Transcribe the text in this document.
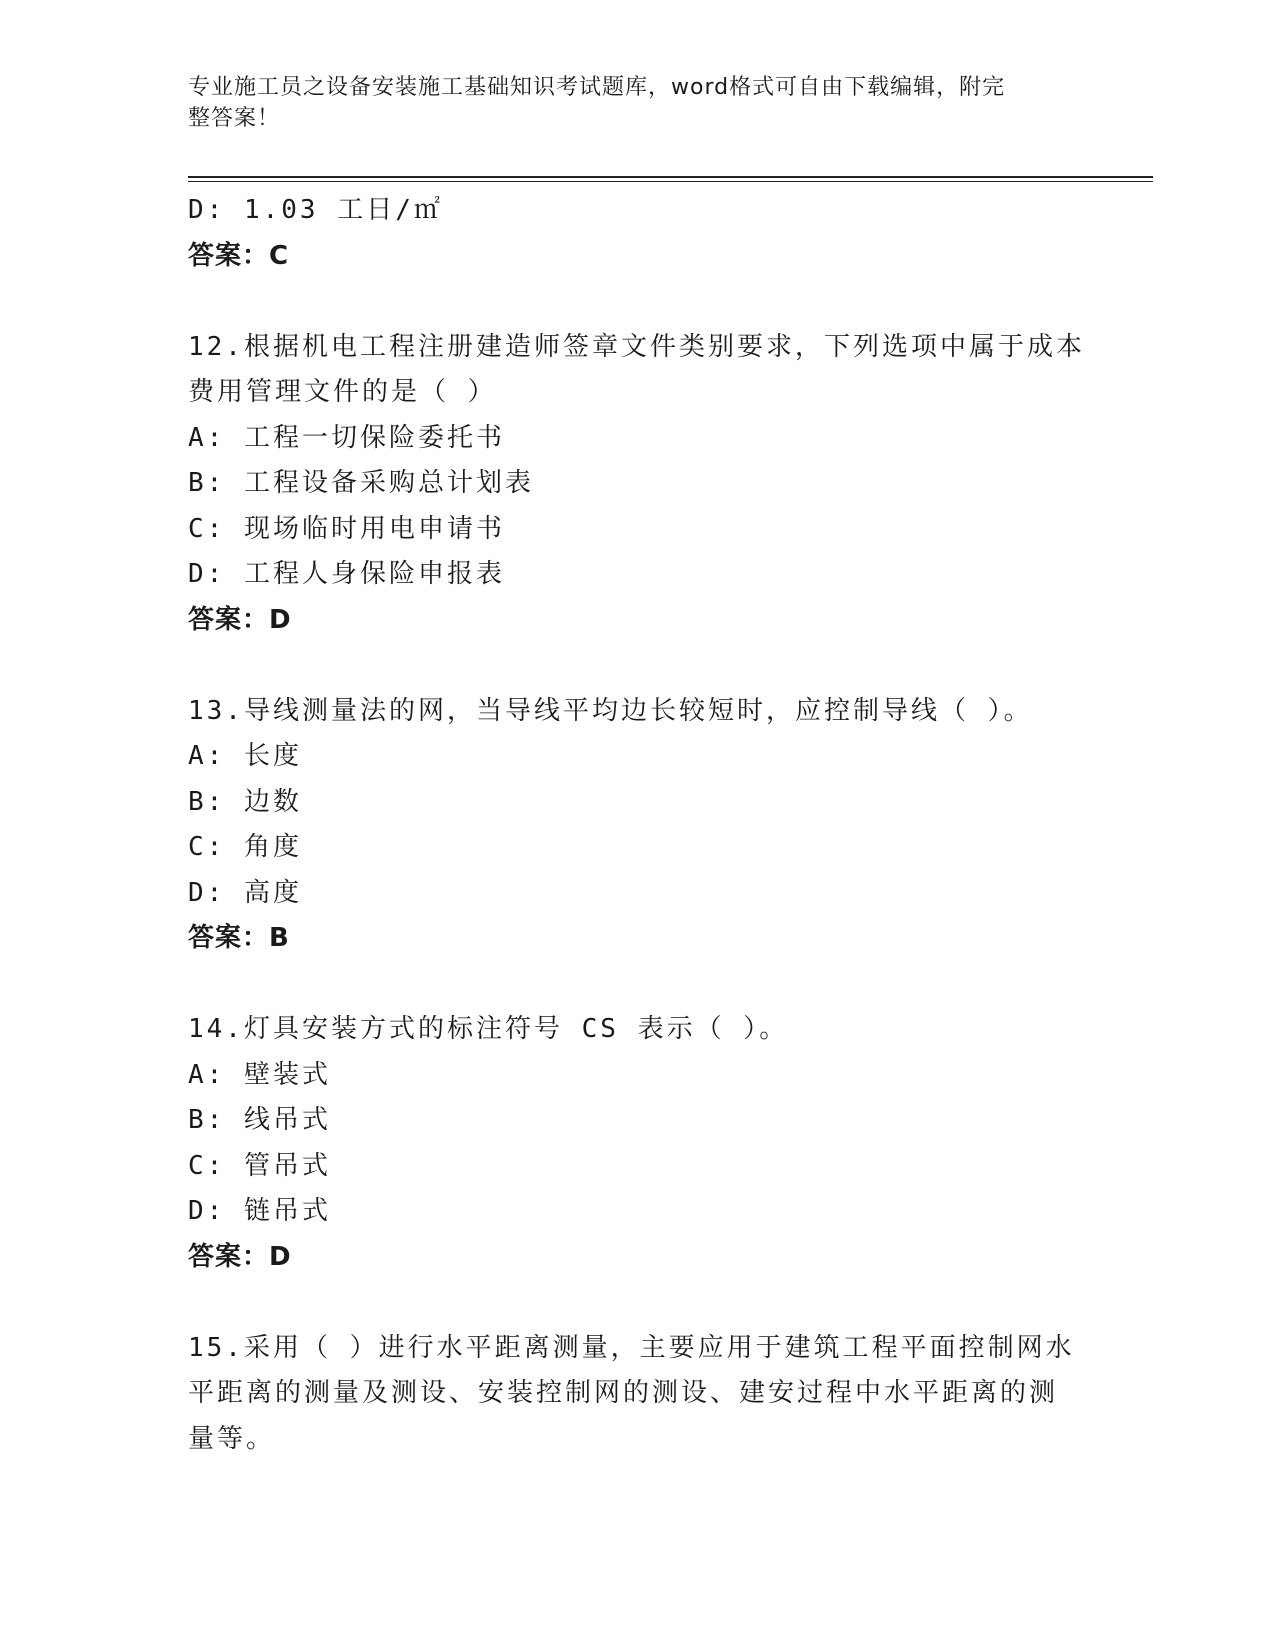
专业施工员之设备安装施工基础知识考试题库，word格式可自由下载编辑，附完
整答案！
D: 1.03 工日/㎡
答案：C
12.根据机电工程注册建造师签章文件类别要求，下列选项中属于成本
费用管理文件的是（ ）
A: 工程一切保险委托书
B: 工程设备采购总计划表
C: 现场临时用电申请书
D: 工程人身保险申报表
答案：D
13.导线测量法的网，当导线平均边长较短时，应控制导线（ ）。
A: 长度
B: 边数
C: 角度
D: 高度
答案：B
14.灯具安装方式的标注符号 CS 表示（ ）。
A: 壁装式
B: 线吊式
C: 管吊式
D: 链吊式
答案：D
15.采用（ ）进行水平距离测量，主要应用于建筑工程平面控制网水
平距离的测量及测设、安装控制网的测设、建安过程中水平距离的测
量等。
